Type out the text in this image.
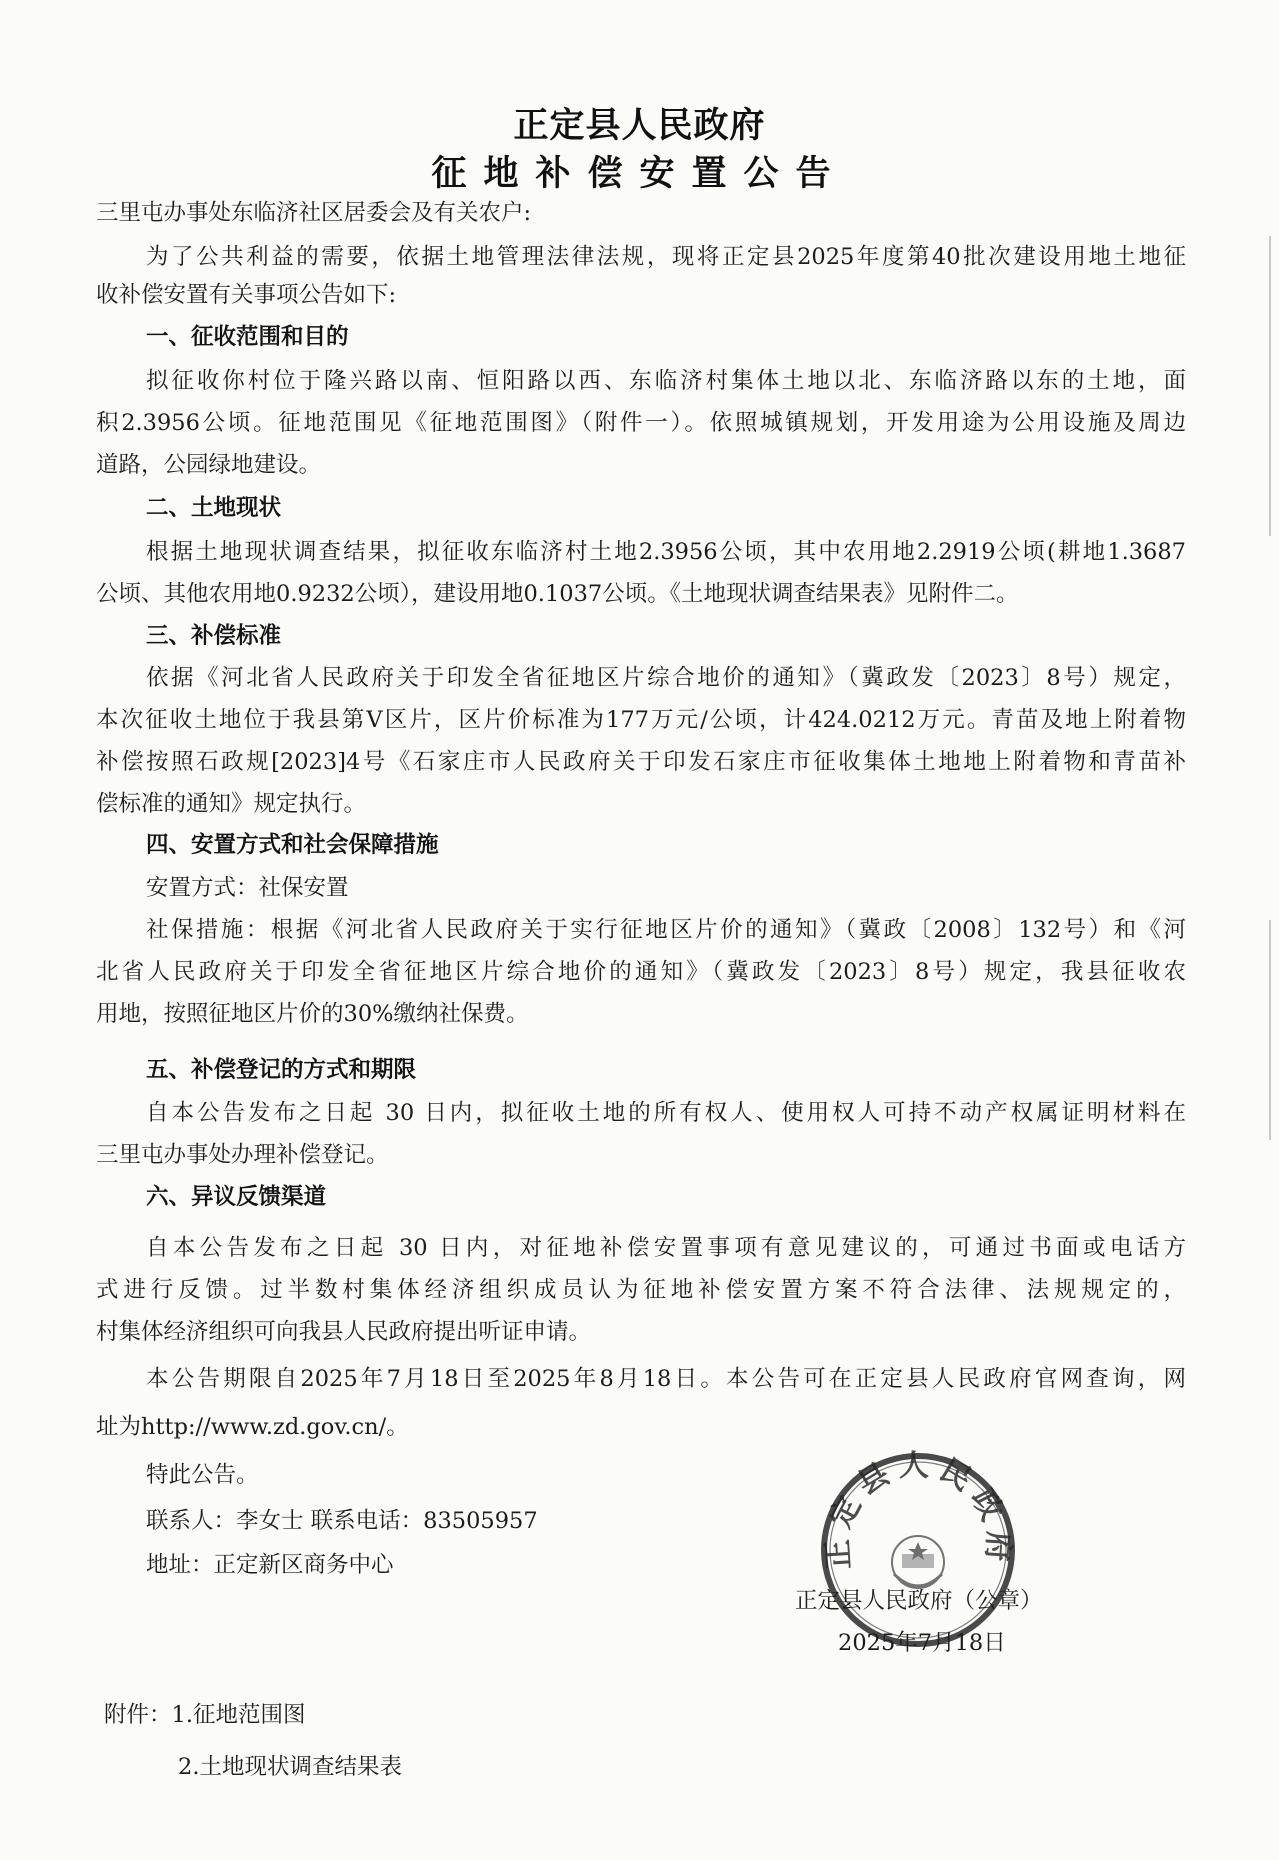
正定县人民政府
征地补偿安置公告
三里屯办事处东临济社区居委会及有关农户:
为了公共利益的需要，依据土地管理法律法规，现将正定县2025年度第40批次建设用地土地征
收补偿安置有关事项公告如下:
一、征收范围和目的
拟征收你村位于隆兴路以南、恒阳路以西、东临济村集体土地以北、东临济路以东的土地，面
积2.3956公顷。征地范围见《征地范围图》（附件一）。依照城镇规划，开发用途为公用设施及周边
道路，公园绿地建设。
二、土地现状
根据土地现状调查结果，拟征收东临济村土地2.3956公顷，其中农用地2.2919公顷(耕地1.3687
公顷、其他农用地0.9232公顷），建设用地0.1037公顷。《土地现状调查结果表》见附件二。
三、补偿标准
依据《河北省人民政府关于印发全省征地区片综合地价的通知》（冀政发〔2023〕8号）规定，
本次征收土地位于我县第Ⅴ区片，区片价标准为177万元/公顷，计424.0212万元。青苗及地上附着物
补偿按照石政规[2023]4号《石家庄市人民政府关于印发石家庄市征收集体土地地上附着物和青苗补
偿标准的通知》规定执行。
四、安置方式和社会保障措施
安置方式：社保安置
社保措施：根据《河北省人民政府关于实行征地区片价的通知》（冀政〔2008〕132号）和《河
北省人民政府关于印发全省征地区片综合地价的通知》（冀政发〔2023〕8号）规定，我县征收农
用地，按照征地区片价的30%缴纳社保费。
五、补偿登记的方式和期限
自本公告发布之日起 30 日内，拟征收土地的所有权人、使用权人可持不动产权属证明材料在
三里屯办事处办理补偿登记。
六、异议反馈渠道
自本公告发布之日起 30 日内，对征地补偿安置事项有意见建议的，可通过书面或电话方
式进行反馈。过半数村集体经济组织成员认为征地补偿安置方案不符合法律、法规规定的，
村集体经济组织可向我县人民政府提出听证申请。
本公告期限自2025年7月18日至2025年8月18日。本公告可在正定县人民政府官网查询，网
址为http://www.zd.gov.cn/。
特此公告。
联系人：李女士 联系电话：83505957
地址：正定新区商务中心	正定县人民政府
正定县人民政府（公章）
2025年7月18日
附件：1.征地范围图
2.土地现状调查结果表
